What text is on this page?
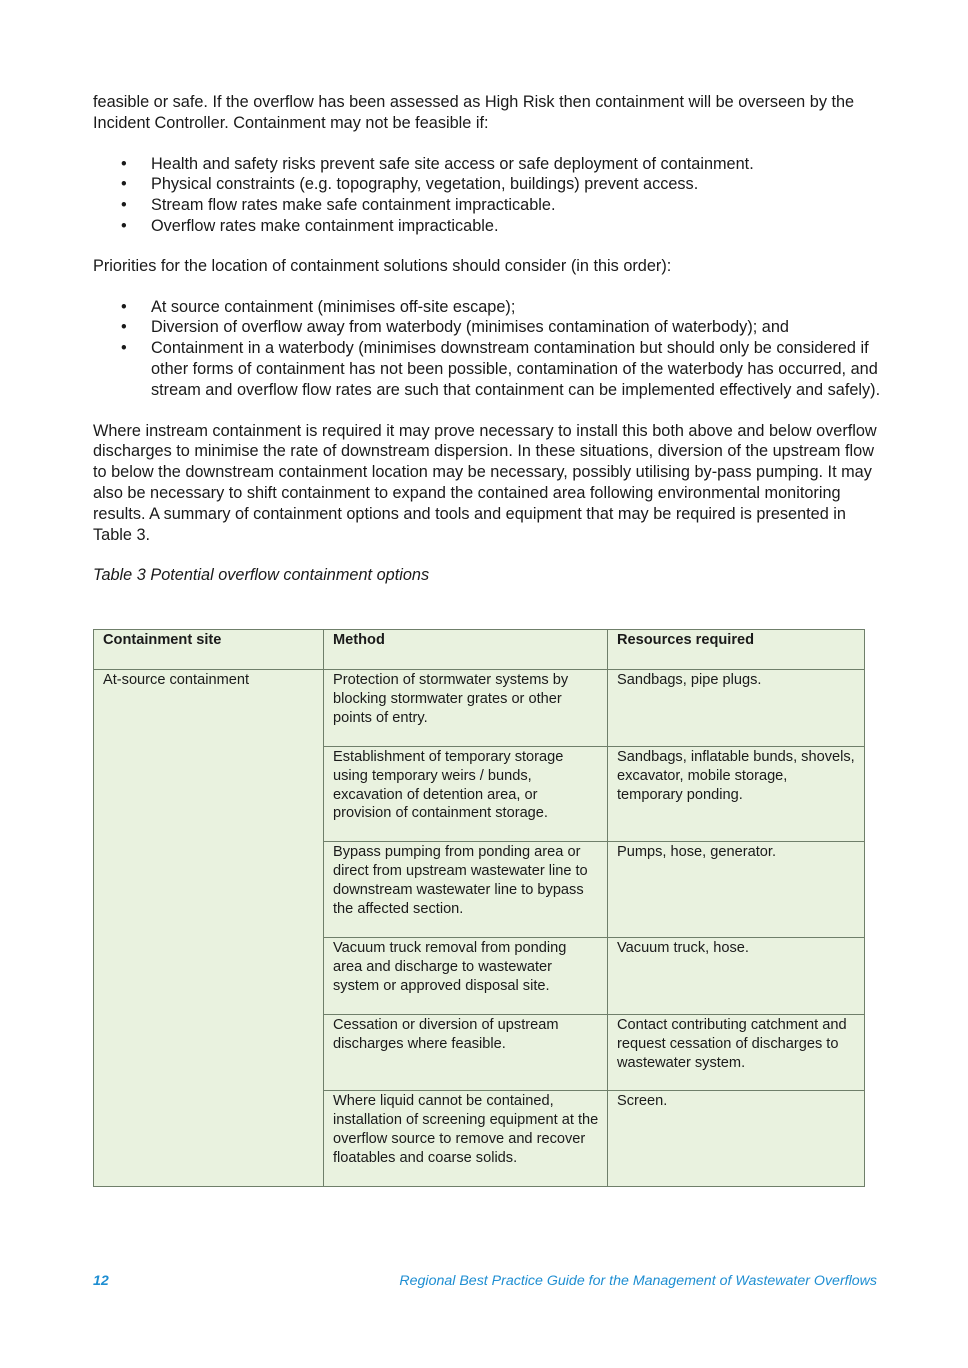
feasible or safe. If the overflow has been assessed as High Risk then containment will be overseen by the Incident Controller. Containment may not be feasible if:

• Health and safety risks prevent safe site access or safe deployment of containment.
• Physical constraints (e.g. topography, vegetation, buildings) prevent access.
• Stream flow rates make safe containment impracticable.
• Overflow rates make containment impracticable.

Priorities for the location of containment solutions should consider (in this order):

• At source containment (minimises off-site escape);
• Diversion of overflow away from waterbody (minimises contamination of waterbody); and
• Containment in a waterbody (minimises downstream contamination but should only be considered if other forms of containment has not been possible, contamination of the waterbody has occurred, and stream and overflow flow rates are such that containment can be implemented effectively and safely).

Where instream containment is required it may prove necessary to install this both above and below overflow discharges to minimise the rate of downstream dispersion. In these situations, diversion of the upstream flow to below the downstream containment location may be necessary, possibly utilising by-pass pumping. It may also be necessary to shift containment to expand the contained area following environmental monitoring results. A summary of containment options and tools and equipment that may be required is presented in Table 3.

Table 3 Potential overflow containment options

Containment site	Method	Resources required
At-source containment	Protection of stormwater systems by blocking stormwater grates or other points of entry.	Sandbags, pipe plugs.
	Establishment of temporary storage using temporary weirs / bunds, excavation of detention area, or provision of containment storage.	Sandbags, inflatable bunds, shovels, excavator, mobile storage, temporary ponding.
	Bypass pumping from ponding area or direct from upstream wastewater line to downstream wastewater line to bypass the affected section.	Pumps, hose, generator.
	Vacuum truck removal from ponding area and discharge to wastewater system or approved disposal site.	Vacuum truck, hose.
	Cessation or diversion of upstream discharges where feasible.	Contact contributing catchment and request cessation of discharges to wastewater system.
	Where liquid cannot be contained, installation of screening equipment at the overflow source to remove and recover floatables and coarse solids.	Screen.
12	Regional Best Practice Guide for the Management of Wastewater Overflows
